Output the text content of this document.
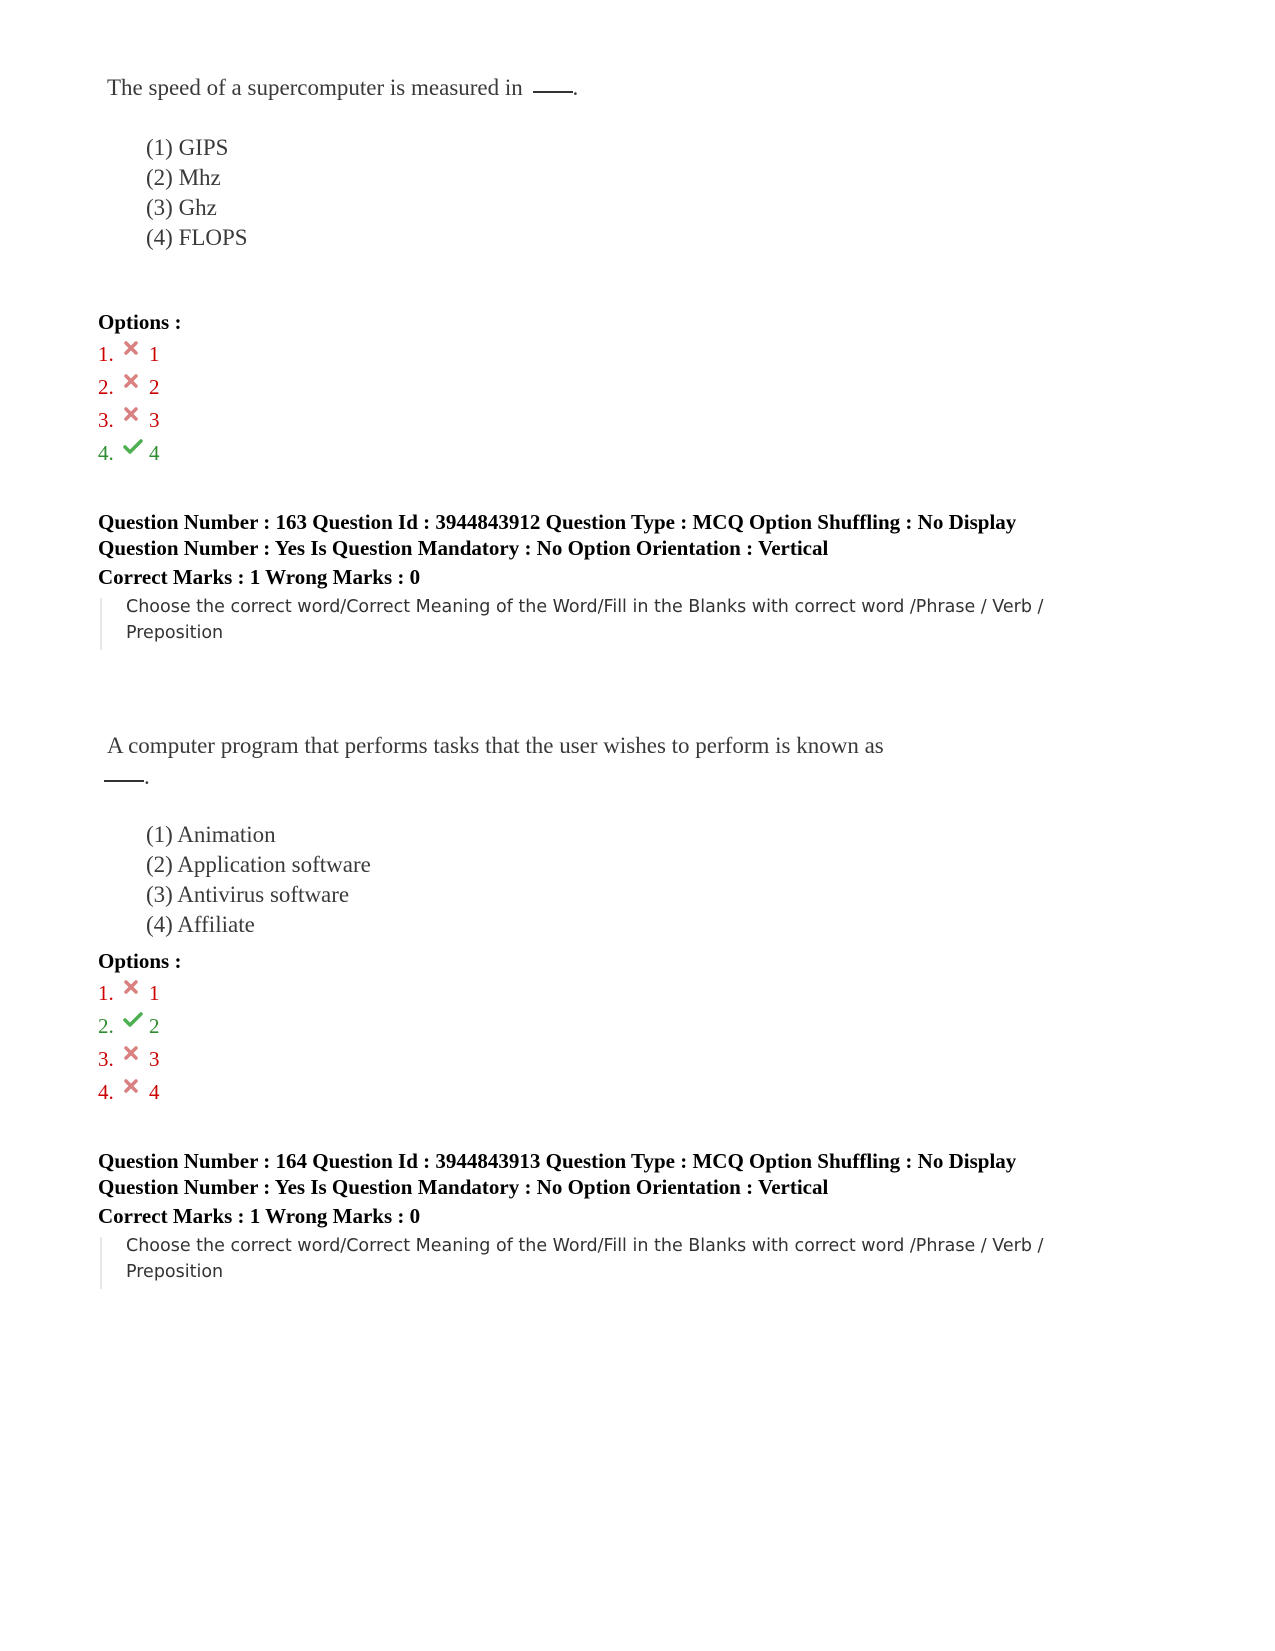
The speed of a supercomputer is measured in .
(1) GIPS
(2) Mhz
(3) Ghz
(4) FLOPS
Options :
1.	1
2.	2
3.	3
4.	4
Question Number : 163 Question Id : 3944843912 Question Type : MCQ Option Shuffling : No Display
Question Number : Yes Is Question Mandatory : No Option Orientation : Vertical
Correct Marks : 1 Wrong Marks : 0
Choose the correct word/Correct Meaning of the Word/Fill in the Blanks with correct word /Phrase / Verb /
Preposition
A computer program that performs tasks that the user wishes to perform is known as
.
(1) Animation
(2) Application software
(3) Antivirus software
(4) Affiliate
Options :
1.	1
2.	2
3.	3
4.	4
Question Number : 164 Question Id : 3944843913 Question Type : MCQ Option Shuffling : No Display
Question Number : Yes Is Question Mandatory : No Option Orientation : Vertical
Correct Marks : 1 Wrong Marks : 0
Choose the correct word/Correct Meaning of the Word/Fill in the Blanks with correct word /Phrase / Verb /
Preposition
